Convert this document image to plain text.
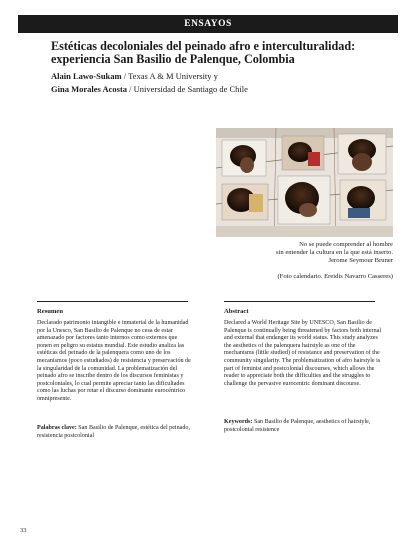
ENSAYOS
Estéticas decoloniales del peinado afro e interculturalidad: experiencia San Basilio de Palenque, Colombia
Alain Lawo-Sukam / Texas A & M University y
Gina Morales Acosta / Universidad de Santiago de Chile
No se puede comprender al hombre
sin entender la cultura en la que está inserto.
Jerome Seymour Bruner
(Foto calendario. Ereidis Navarro Casseres)
Resumen	Abstract
Declarado patrimonio intangible e inmaterial de la humanidad por la Unesco, San Basilio de Palenque no cesa de estar amenazado por factores tanto internos como externos que ponen en peligro su estatus mundial. Este estudio analiza las estéticas del peinado de la palenquera como uno de los mecanismos (poco estudiados) de resistencia y preservación de la singularidad de la comunidad. La problematización del peinado afro se inscribe dentro de los discursos feministas y postcoloniales, lo cual permite apreciar tanto las dificultades como las luchas por retar el discurso dominante eurocéntrico omnipresente.
Palabras clave: San Basilio de Palenque, estética del peinado, resistencia postcolonial
Declared a World Heritage Site by UNESCO, San Basilio de Palenque is continually being threatened by factors both internal and external that endanger its world status. This study analyzes the aesthetics of the palenquera hairstyle as one of the mechanisms (little studied) of resistance and preservation of the community singularity. The problematization of afro hairstyle is part of feminist and postcolonial discourses, which allows the reader to appreciate both the difficulties and the struggles to challenge the pervasive eurocentric dominant discourse.
Keywords: San Basilio de Palenque, aesthetics of hairstyle, postcolonial resistence
33
